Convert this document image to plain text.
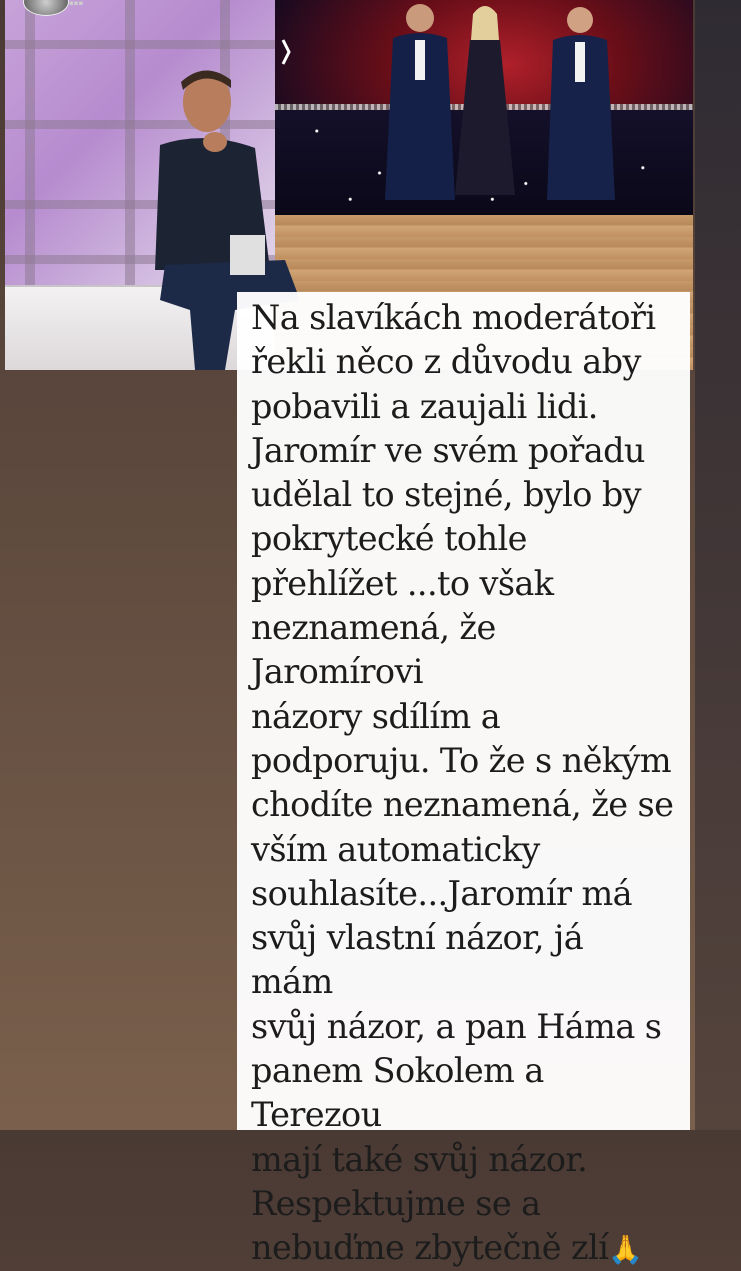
▪▪▪

Na slavíkách moderátoři
řekli něco z důvodu aby
pobavili a zaujali lidi.
Jaromír ve svém pořadu
udělal to stejné, bylo by
pokrytecké tohle
přehlížet ...to však
neznamená, že Jaromírovi
názory sdílím a
podporuju. To že s někým
chodíte neznamená, že se
vším automaticky
souhlasíte...Jaromír má
svůj vlastní názor, já mám
svůj názor, a pan Háma s
panem Sokolem a Terezou
mají také svůj názor.
Respektujme se a
nebuďme zbytečně zlí🙏
